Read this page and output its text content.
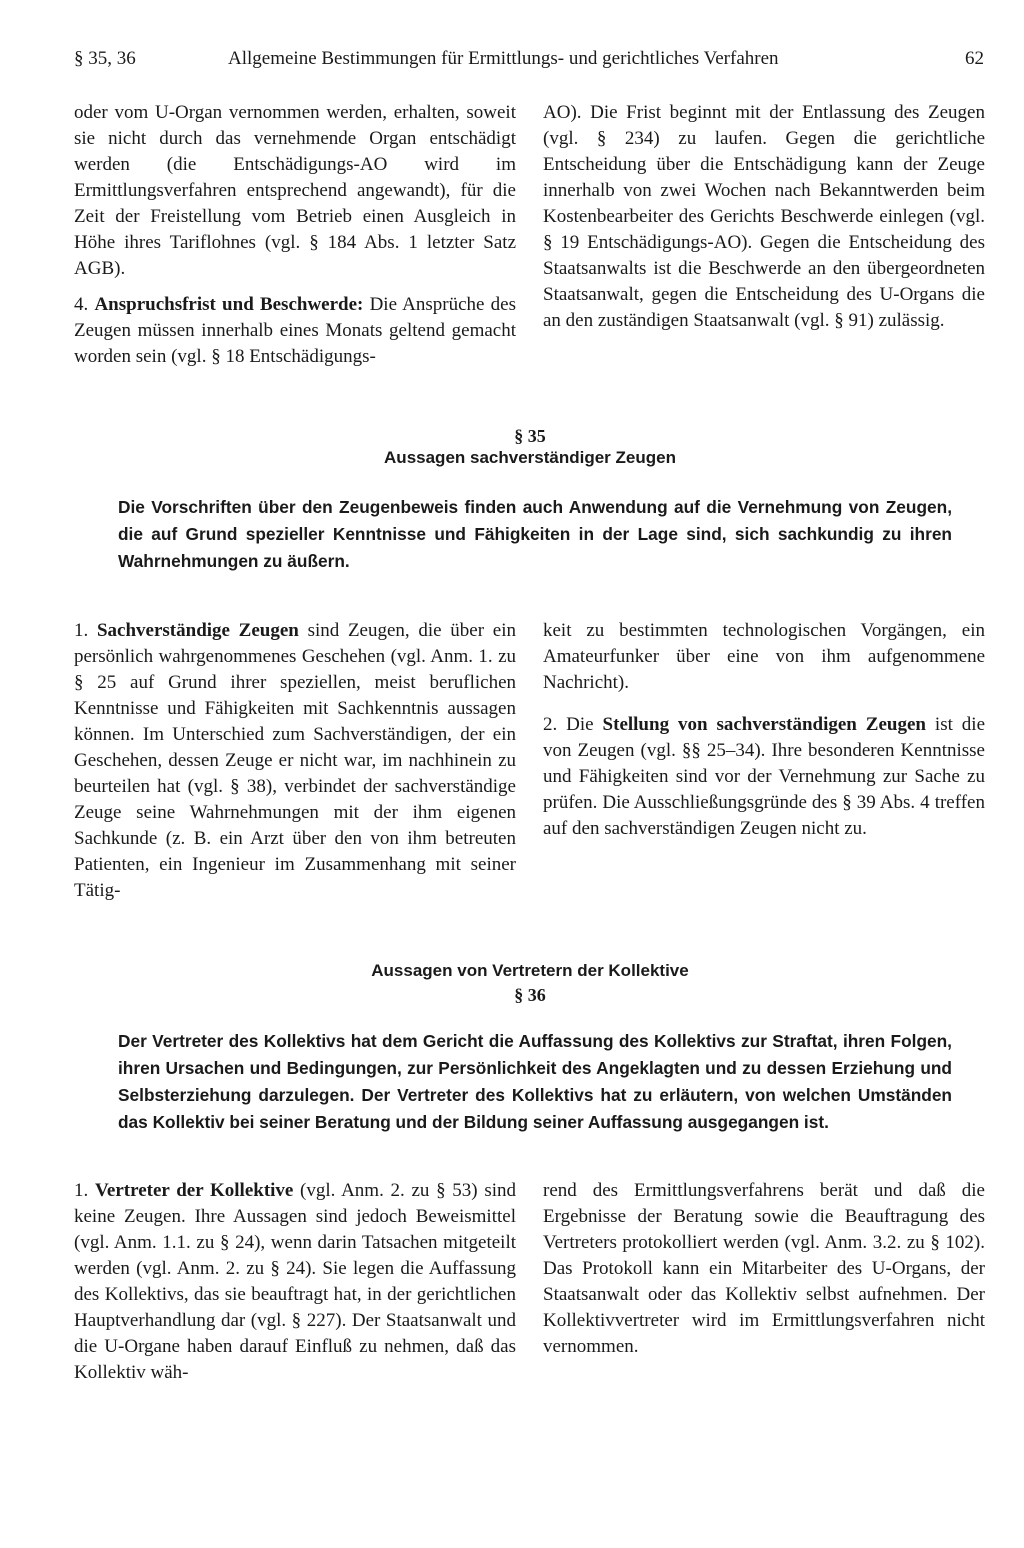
§ 35, 36	Allgemeine Bestimmungen für Ermittlungs- und gerichtliches Verfahren	62

oder vom U-Organ vernommen werden, erhalten, soweit sie nicht durch das vernehmende Organ entschädigt werden (die Entschädigungs-AO wird im Ermittlungsverfahren entsprechend angewandt), für die Zeit der Freistellung vom Betrieb einen Ausgleich in Höhe ihres Tariflohnes (vgl. § 184 Abs. 1 letzter Satz AGB).

4. Anspruchsfrist und Beschwerde: Die Ansprüche des Zeugen müssen innerhalb eines Monats geltend gemacht worden sein (vgl. § 18 Entschädigungs-

AO). Die Frist beginnt mit der Entlassung des Zeugen (vgl. § 234) zu laufen. Gegen die gerichtliche Entscheidung über die Entschädigung kann der Zeuge innerhalb von zwei Wochen nach Bekanntwerden beim Kostenbearbeiter des Gerichts Beschwerde einlegen (vgl. § 19 Entschädigungs-AO). Gegen die Entscheidung des Staatsanwalts ist die Beschwerde an den übergeordneten Staatsanwalt, gegen die Entscheidung des U-Organs die an den zuständigen Staatsanwalt (vgl. § 91) zulässig.

§ 35
Aussagen sachverständiger Zeugen

Die Vorschriften über den Zeugenbeweis finden auch Anwendung auf die Vernehmung von Zeugen, die auf Grund spezieller Kenntnisse und Fähigkeiten in der Lage sind, sich sachkundig zu ihren Wahrnehmungen zu äußern.

1. Sachverständige Zeugen sind Zeugen, die über ein persönlich wahrgenommenes Geschehen (vgl. Anm. 1. zu § 25 auf Grund ihrer speziellen, meist beruflichen Kenntnisse und Fähigkeiten mit Sachkenntnis aussagen können. Im Unterschied zum Sachverständigen, der ein Geschehen, dessen Zeuge er nicht war, im nachhinein zu beurteilen hat (vgl. § 38), verbindet der sachverständige Zeuge seine Wahrnehmungen mit der ihm eigenen Sachkunde (z. B. ein Arzt über den von ihm betreuten Patienten, ein Ingenieur im Zusammenhang mit seiner Tätig-

keit zu bestimmten technologischen Vorgängen, ein Amateurfunker über eine von ihm aufgenommene Nachricht).

2. Die Stellung von sachverständigen Zeugen ist die von Zeugen (vgl. §§ 25–34). Ihre besonderen Kenntnisse und Fähigkeiten sind vor der Vernehmung zur Sache zu prüfen. Die Ausschließungsgründe des § 39 Abs. 4 treffen auf den sachverständigen Zeugen nicht zu.

Aussagen von Vertretern der Kollektive
§ 36

Der Vertreter des Kollektivs hat dem Gericht die Auffassung des Kollektivs zur Straftat, ihren Folgen, ihren Ursachen und Bedingungen, zur Persönlichkeit des Angeklagten und zu dessen Erziehung und Selbsterziehung darzulegen. Der Vertreter des Kollektivs hat zu erläutern, von welchen Umständen das Kollektiv bei seiner Beratung und der Bildung seiner Auffassung ausgegangen ist.

1. Vertreter der Kollektive (vgl. Anm. 2. zu § 53) sind keine Zeugen. Ihre Aussagen sind jedoch Beweismittel (vgl. Anm. 1.1. zu § 24), wenn darin Tatsachen mitgeteilt werden (vgl. Anm. 2. zu § 24). Sie legen die Auffassung des Kollektivs, das sie beauftragt hat, in der gerichtlichen Hauptverhandlung dar (vgl. § 227). Der Staatsanwalt und die U-Organe haben darauf Einfluß zu nehmen, daß das Kollektiv wäh-

rend des Ermittlungsverfahrens berät und daß die Ergebnisse der Beratung sowie die Beauftragung des Vertreters protokolliert werden (vgl. Anm. 3.2. zu § 102). Das Protokoll kann ein Mitarbeiter des U-Organs, der Staatsanwalt oder das Kollektiv selbst aufnehmen. Der Kollektivvertreter wird im Ermittlungsverfahren nicht vernommen.
